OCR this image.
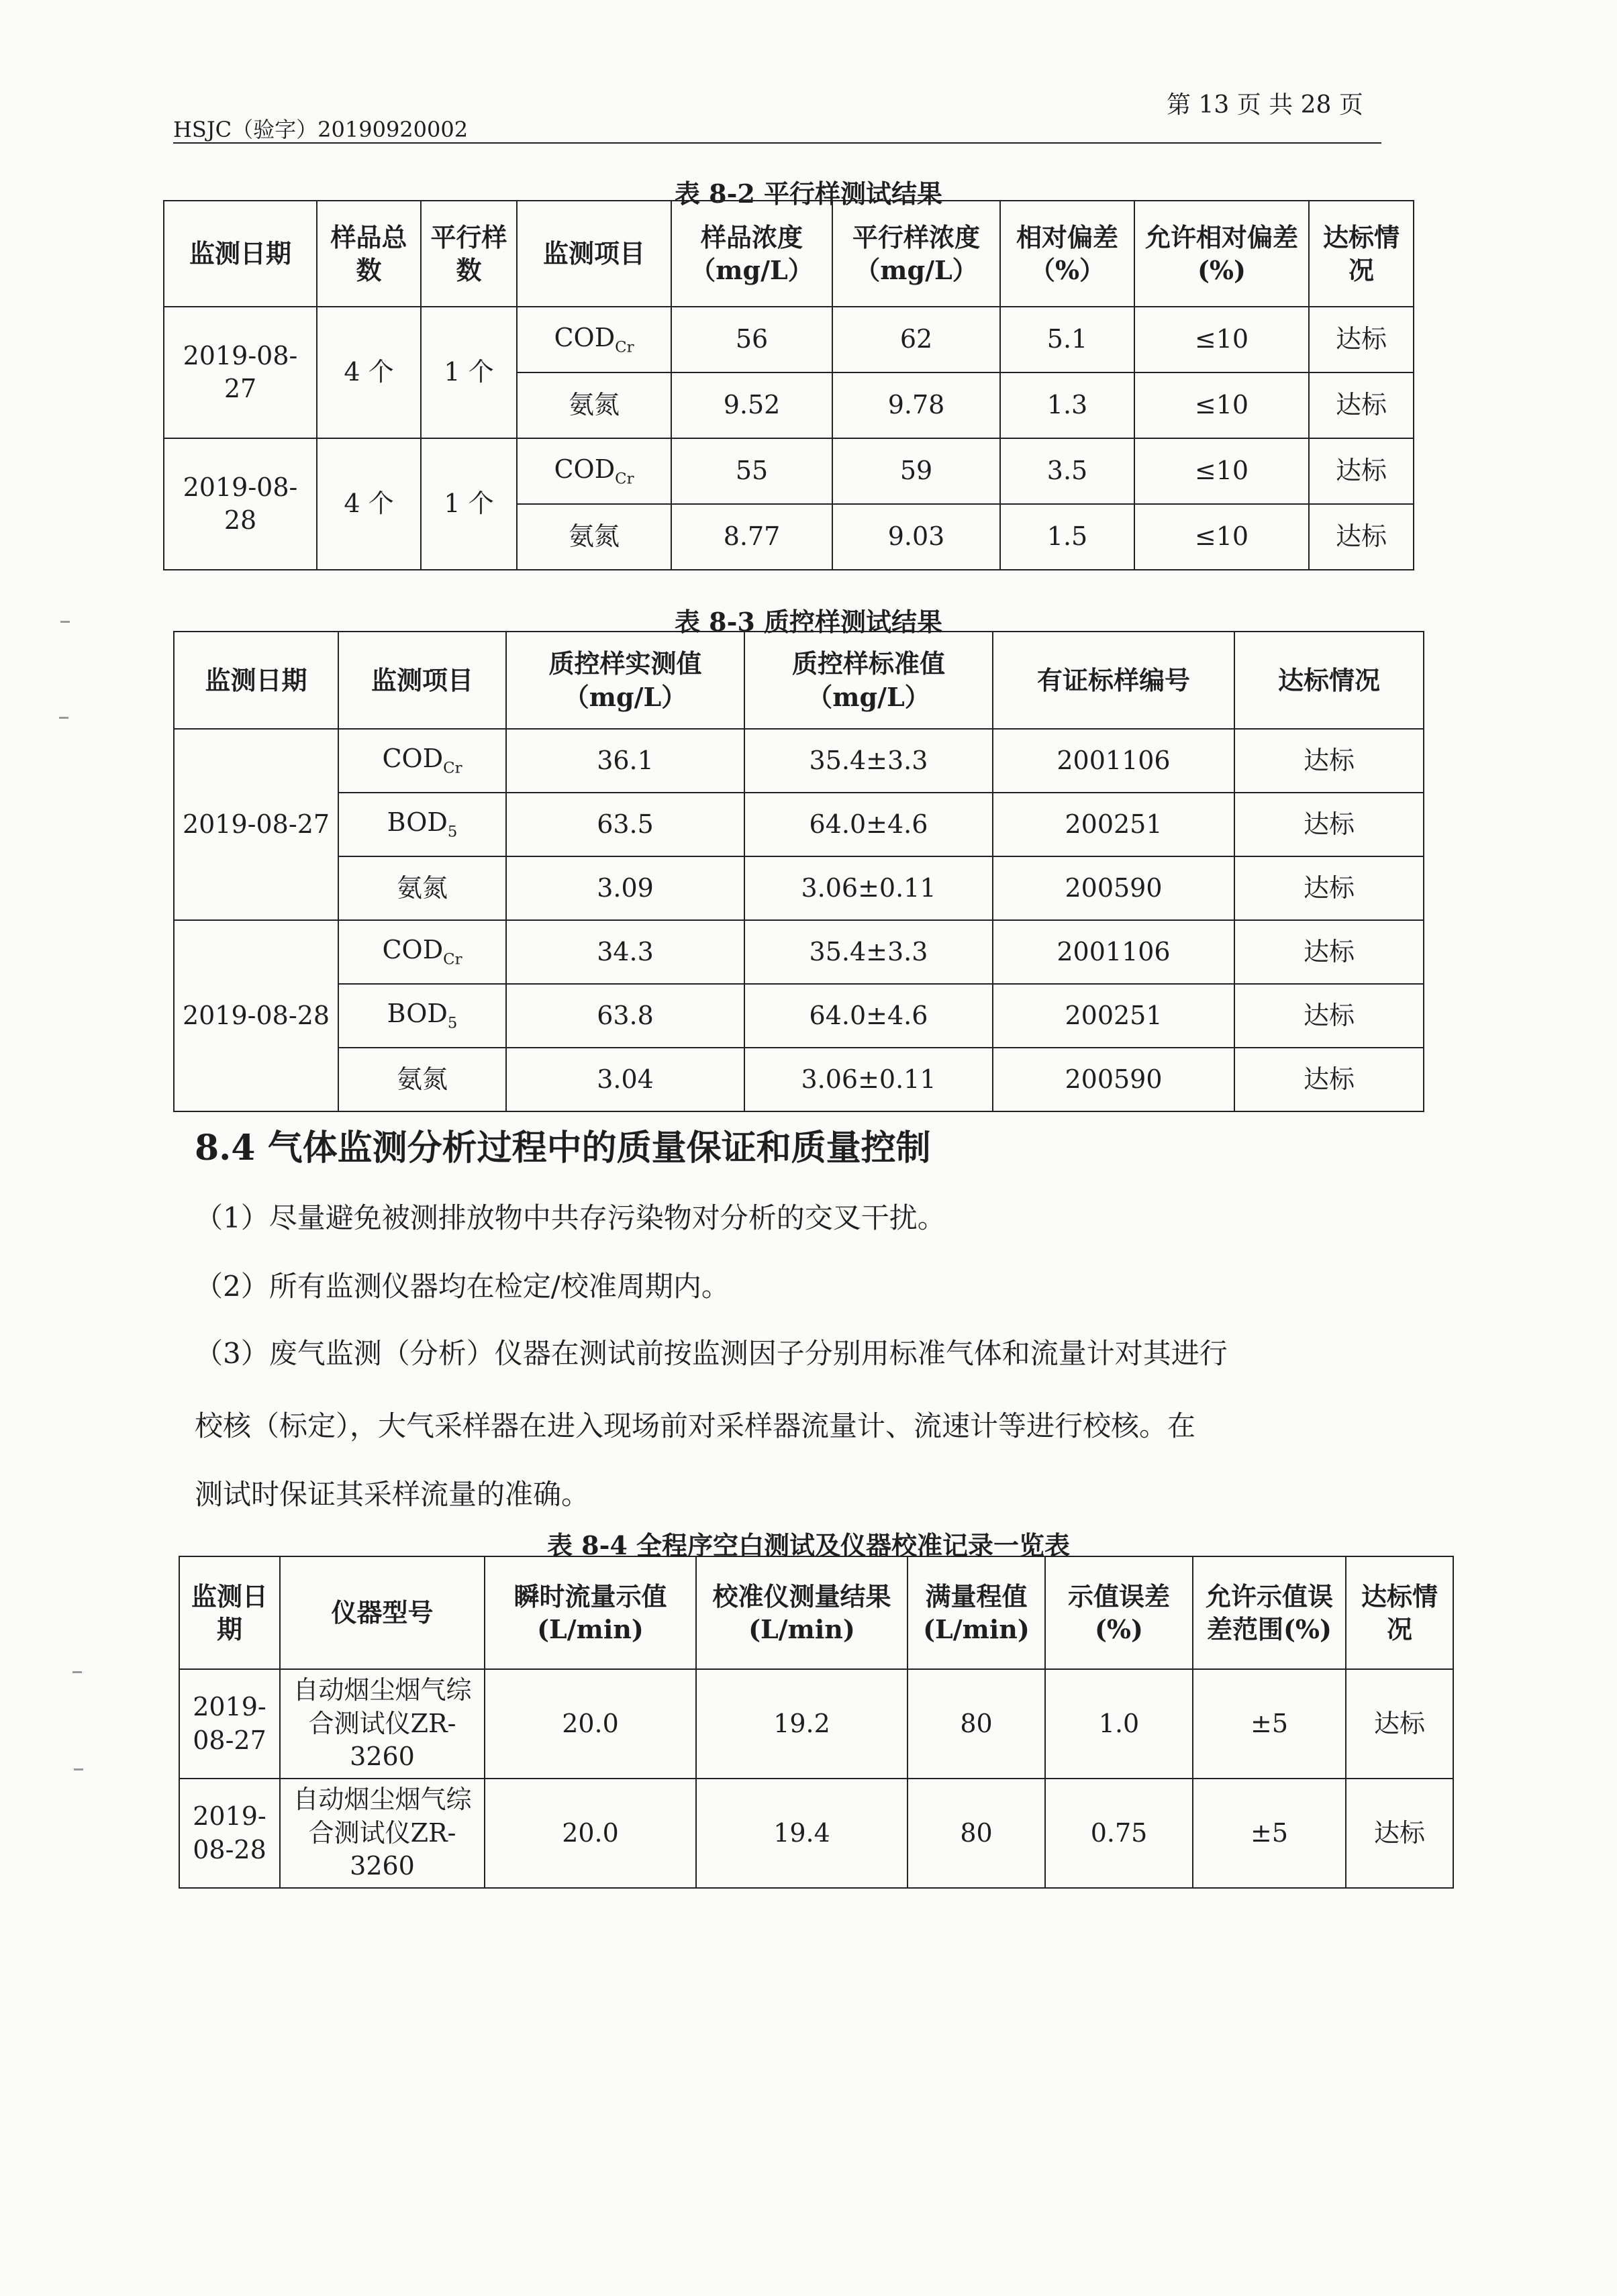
HSJC（验字）20190920002
第 13 页 共 28 页
表 8-2 平行样测试结果
监测日期	样品总数	平行样数	监测项目	样品浓度（mg/L）	平行样浓度（mg/L）	相对偏差（%）	允许相对偏差(%)	达标情况
2019-08-27	4 个	1 个	$COD_{Cr}$	56	62	5.1	≤10	达标
			氨氮	9.52	9.78	1.3	≤10	达标
2019-08-28	4 个	1 个	$COD_{Cr}$	55	59	3.5	≤10	达标
			氨氮	8.77	9.03	1.5	≤10	达标
表 8-3 质控样测试结果
监测日期	监测项目	质控样实测值（mg/L）	质控样标准值（mg/L）	有证标样编号	达标情况
2019-08-27	$COD_{Cr}$	36.1	35.4±3.3	2001106	达标
	$BOD_5$	63.5	64.0±4.6	200251	达标
	氨氮	3.09	3.06±0.11	200590	达标
2019-08-28	$COD_{Cr}$	34.3	35.4±3.3	2001106	达标
	$BOD_5$	63.8	64.0±4.6	200251	达标
	氨氮	3.04	3.06±0.11	200590	达标
8.4 气体监测分析过程中的质量保证和质量控制
（1）尽量避免被测排放物中共存污染物对分析的交叉干扰。
（2）所有监测仪器均在检定/校准周期内。
（3）废气监测（分析）仪器在测试前按监测因子分别用标准气体和流量计对其进行
校核（标定），大气采样器在进入现场前对采样器流量计、流速计等进行校核。在
测试时保证其采样流量的准确。
表 8-4 全程序空白测试及仪器校准记录一览表
监测日期	仪器型号	瞬时流量示值(L/min)	校准仪测量结果(L/min)	满量程值(L/min)	示值误差(%)	允许示值误差范围(%)	达标情况
2019-08-27	自动烟尘烟气综合测试仪ZR-3260	20.0	19.2	80	1.0	±5	达标
2019-08-28	自动烟尘烟气综合测试仪ZR-3260	20.0	19.4	80	0.75	±5	达标
